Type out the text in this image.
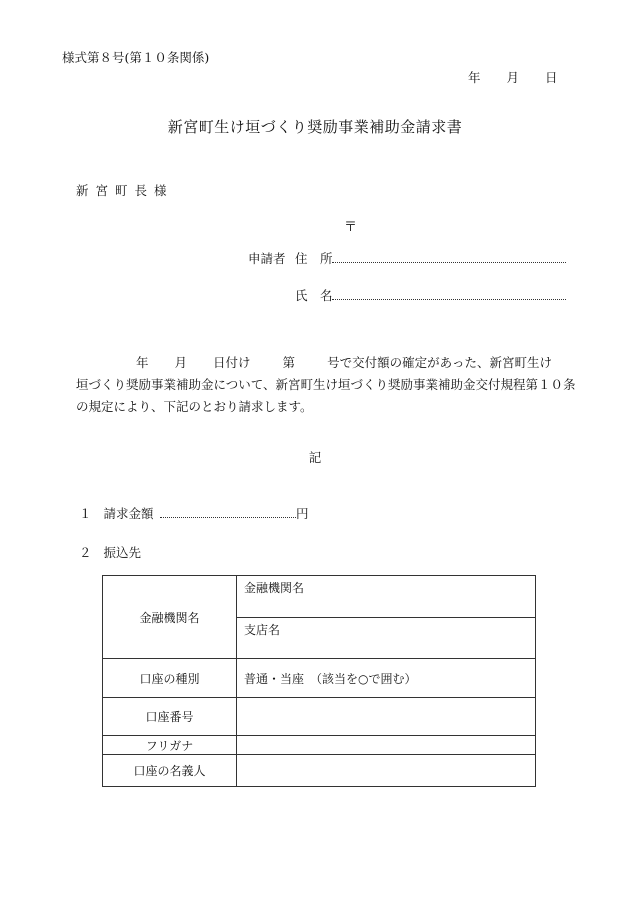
様式第８号(第１０条関係)
年 月 日
新宮町生け垣づくり奨励事業補助金請求書
新宮町長様
〒
申請者 住　所
氏　名
年 月 日付け	第	号で交付額の確定があった、新宮町生け
垣づくり奨励事業補助金について、新宮町生け垣づくり奨励事業補助金交付規程第１０条
の規定により、下記のとおり請求します。
記
１ 請求金額	円
２ 振込先
金融機関名	金融機関名
	支店名
口座の種別	普通・当座　（該当を○で囲む）
口座番号	
フリガナ	
口座の名義人	
